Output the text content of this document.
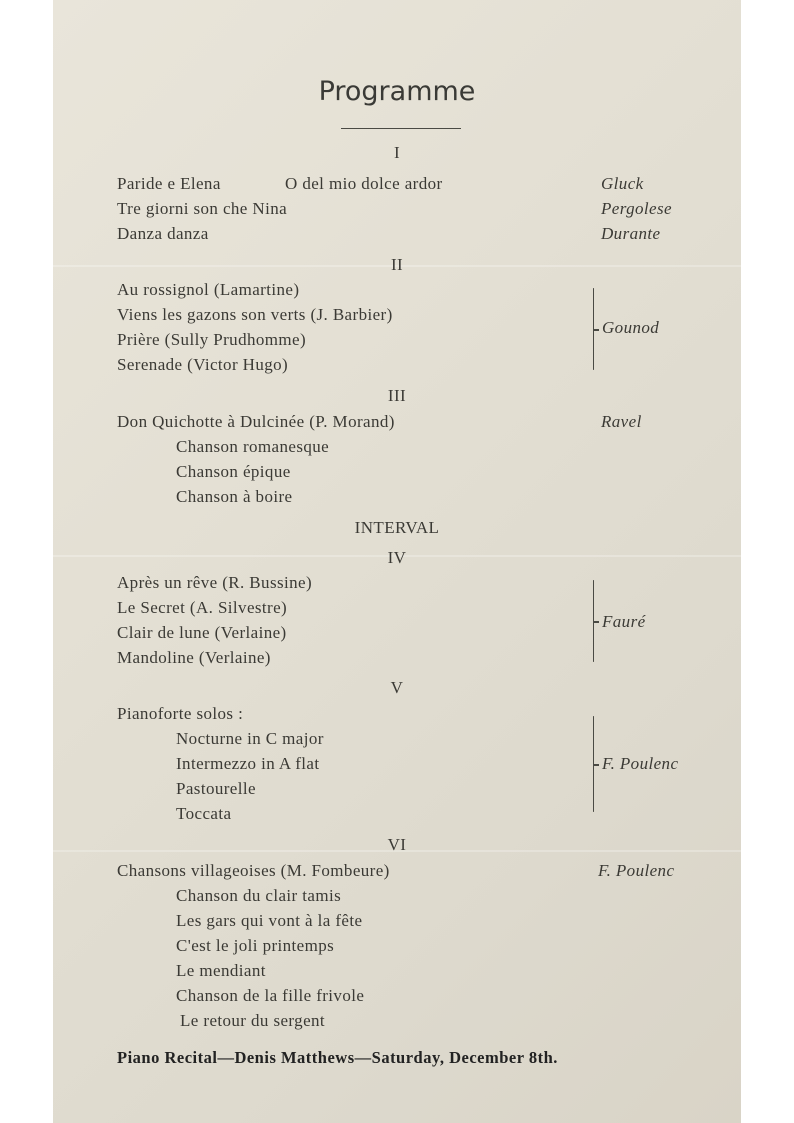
Programme
I
Paride e Elena	O del mio dolce ardor	Gluck
Tre giorni son che Nina	Pergolese
Danza danza	Durante
II
Au rossignol (Lamartine)
Viens les gazons son verts (J. Barbier)
Prière (Sully Prudhomme)
Serenade (Victor Hugo)
Gounod
III
Don Quichotte à Dulcinée (P. Morand)	Ravel
Chanson romanesque
Chanson épique
Chanson à boire
INTERVAL
IV
Après un rêve (R. Bussine)
Le Secret (A. Silvestre)
Clair de lune (Verlaine)
Mandoline (Verlaine)
Fauré
V
Pianoforte solos :
Nocturne in C major
Intermezzo in A flat
Pastourelle
Toccata
F. Poulenc
VI
Chansons villageoises (M. Fombeure)	F. Poulenc
Chanson du clair tamis
Les gars qui vont à la fête
C'est le joli printemps
Le mendiant
Chanson de la fille frivole
Le retour du sergent
Piano Recital—Denis Matthews—Saturday, December 8th.
